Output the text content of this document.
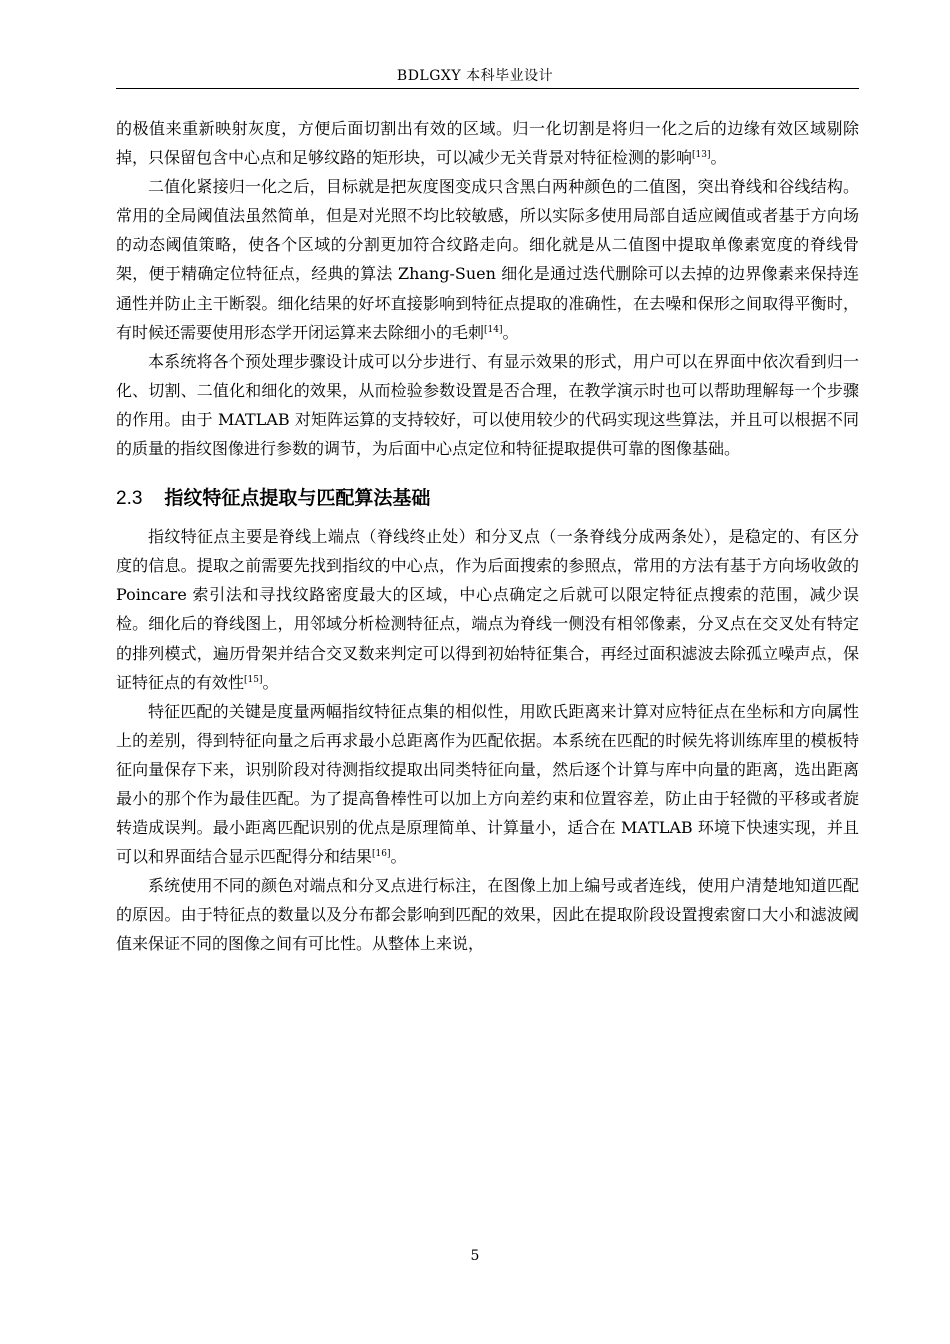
BDLGXY 本科毕业设计

的极值来重新映射灰度，方便后面切割出有效的区域。归一化切割是将归一化之后的边缘有效区域剔除掉，只保留包含中心点和足够纹路的矩形块，可以减少无关背景对特征检测的影响[13]。

二值化紧接归一化之后，目标就是把灰度图变成只含黑白两种颜色的二值图，突出脊线和谷线结构。常用的全局阈值法虽然简单，但是对光照不均比较敏感，所以实际多使用局部自适应阈值或者基于方向场的动态阈值策略，使各个区域的分割更加符合纹路走向。细化就是从二值图中提取单像素宽度的脊线骨架，便于精确定位特征点，经典的算法 Zhang-Suen 细化是通过迭代删除可以去掉的边界像素来保持连通性并防止主干断裂。细化结果的好坏直接影响到特征点提取的准确性，在去噪和保形之间取得平衡时，有时候还需要使用形态学开闭运算来去除细小的毛刺[14]。

本系统将各个预处理步骤设计成可以分步进行、有显示效果的形式，用户可以在界面中依次看到归一化、切割、二值化和细化的效果，从而检验参数设置是否合理，在教学演示时也可以帮助理解每一个步骤的作用。由于 MATLAB 对矩阵运算的支持较好，可以使用较少的代码实现这些算法，并且可以根据不同的质量的指纹图像进行参数的调节，为后面中心点定位和特征提取提供可靠的图像基础。

2.3 指纹特征点提取与匹配算法基础

指纹特征点主要是脊线上端点（脊线终止处）和分叉点（一条脊线分成两条处），是稳定的、有区分度的信息。提取之前需要先找到指纹的中心点，作为后面搜索的参照点，常用的方法有基于方向场收敛的 Poincare 索引法和寻找纹路密度最大的区域，中心点确定之后就可以限定特征点搜索的范围，减少误检。细化后的脊线图上，用邻域分析检测特征点，端点为脊线一侧没有相邻像素，分叉点在交叉处有特定的排列模式，遍历骨架并结合交叉数来判定可以得到初始特征集合，再经过面积滤波去除孤立噪声点，保证特征点的有效性[15]。

特征匹配的关键是度量两幅指纹特征点集的相似性，用欧氏距离来计算对应特征点在坐标和方向属性上的差别，得到特征向量之后再求最小总距离作为匹配依据。本系统在匹配的时候先将训练库里的模板特征向量保存下来，识别阶段对待测指纹提取出同类特征向量，然后逐个计算与库中向量的距离，选出距离最小的那个作为最佳匹配。为了提高鲁棒性可以加上方向差约束和位置容差，防止由于轻微的平移或者旋转造成误判。最小距离匹配识别的优点是原理简单、计算量小，适合在 MATLAB 环境下快速实现，并且可以和界面结合显示匹配得分和结果[16]。

系统使用不同的颜色对端点和分叉点进行标注，在图像上加上编号或者连线，使用户清楚地知道匹配的原因。由于特征点的数量以及分布都会影响到匹配的效果，因此在提取阶段设置搜索窗口大小和滤波阈值来保证不同的图像之间有可比性。从整体上来说，

5
